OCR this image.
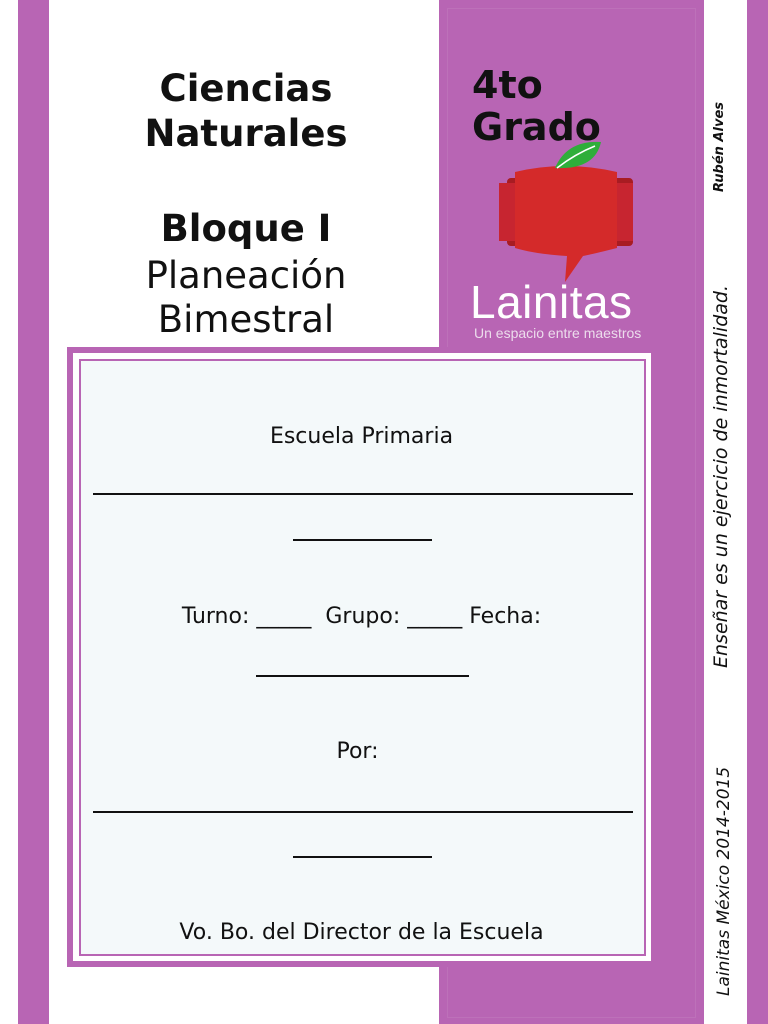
Ciencias
Naturales
Bloque I
Planeación
Bimestral
4to
Grado
Lainitas
Un espacio entre maestros
Escuela Primaria
Turno: _____  Grupo: _____ Fecha:
Por:
Vo. Bo. del Director de la Escuela
Enseñar es un ejercicio de inmortalidad.
Rubén Alves
Lainitas México 2014-2015
